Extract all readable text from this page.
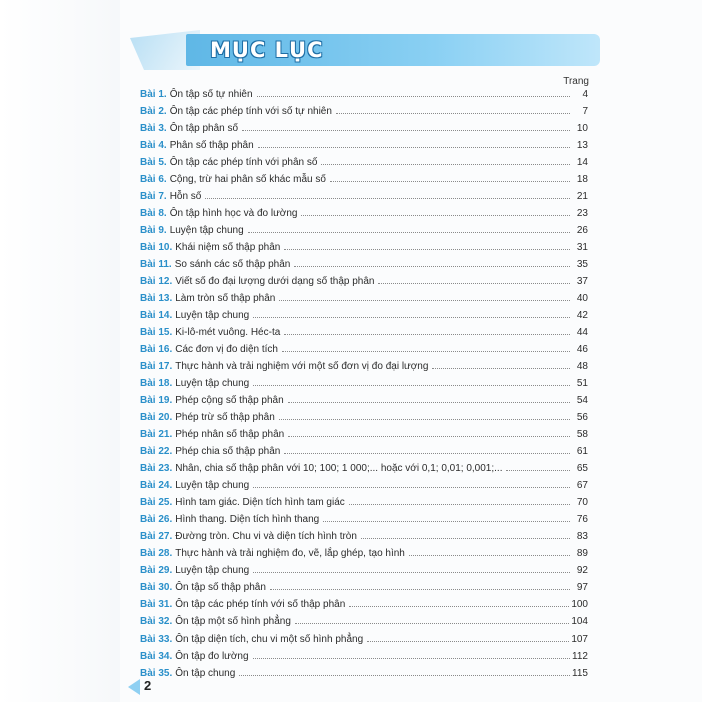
MỤC LỤC
Trang
Bài 1. Ôn tập số tự nhiên	4
Bài 2. Ôn tập các phép tính với số tự nhiên	7
Bài 3. Ôn tập phân số	10
Bài 4. Phân số thập phân	13
Bài 5. Ôn tập các phép tính với phân số	14
Bài 6. Cộng, trừ hai phân số khác mẫu số	18
Bài 7. Hỗn số	21
Bài 8. Ôn tập hình học và đo lường	23
Bài 9. Luyện tập chung	26
Bài 10. Khái niệm số thập phân	31
Bài 11. So sánh các số thập phân	35
Bài 12. Viết số đo đại lượng dưới dạng số thập phân	37
Bài 13. Làm tròn số thập phân	40
Bài 14. Luyện tập chung	42
Bài 15. Ki-lô-mét vuông. Héc-ta	44
Bài 16. Các đơn vị đo diện tích	46
Bài 17. Thực hành và trải nghiệm với một số đơn vị đo đại lượng	48
Bài 18. Luyện tập chung	51
Bài 19. Phép cộng số thập phân	54
Bài 20. Phép trừ số thập phân	56
Bài 21. Phép nhân số thập phân	58
Bài 22. Phép chia số thập phân	61
Bài 23. Nhân, chia số thập phân với 10; 100; 1 000;... hoặc với 0,1; 0,01; 0,001;...	65
Bài 24. Luyện tập chung	67
Bài 25. Hình tam giác. Diện tích hình tam giác	70
Bài 26. Hình thang. Diện tích hình thang	76
Bài 27. Đường tròn. Chu vi và diện tích hình tròn	83
Bài 28. Thực hành và trải nghiệm đo, vẽ, lắp ghép, tạo hình	89
Bài 29. Luyện tập chung	92
Bài 30. Ôn tập số thập phân	97
Bài 31. Ôn tập các phép tính với số thập phân	100
Bài 32. Ôn tập một số hình phẳng	104
Bài 33. Ôn tập diện tích, chu vi một số hình phẳng	107
Bài 34. Ôn tập đo lường	112
Bài 35. Ôn tập chung	115
2
